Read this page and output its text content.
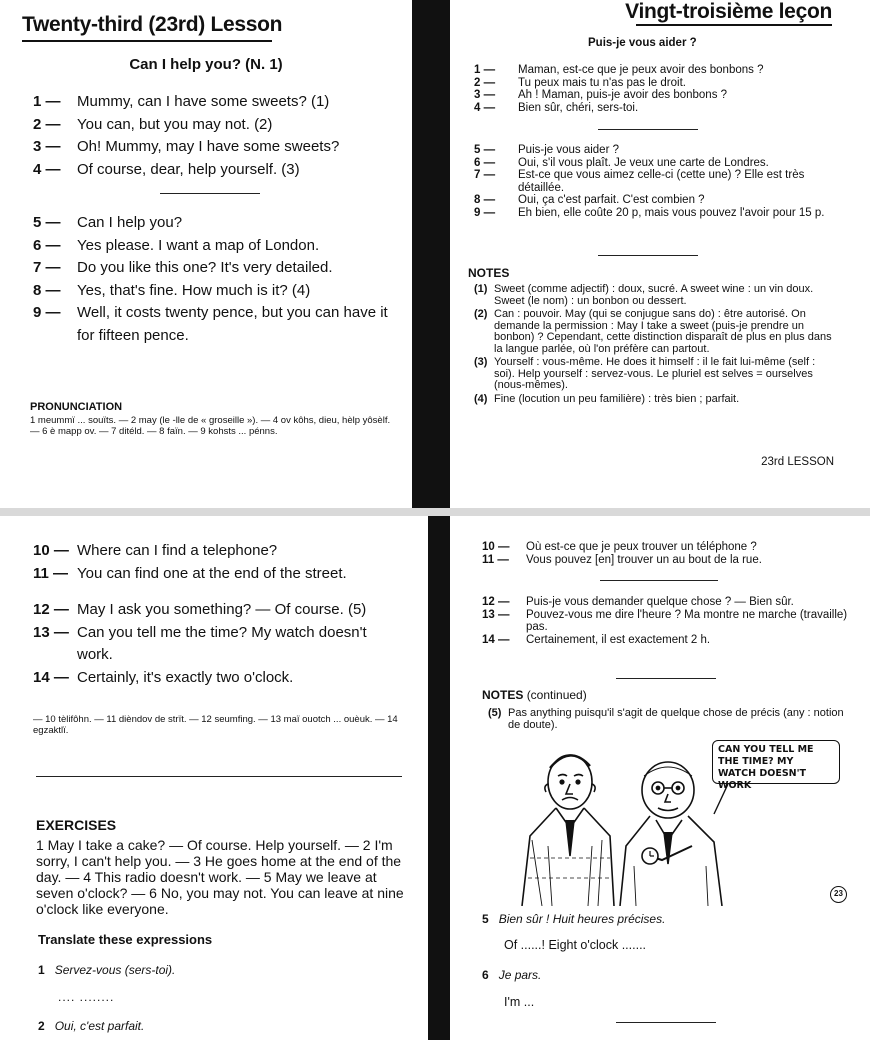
Twenty-third (23rd) Lesson
Can I help you? (N. 1)
1 — Mummy, can I have some sweets? (1)
2 — You can, but you may not. (2)
3 — Oh! Mummy, may I have some sweets?
4 — Of course, dear, help yourself. (3)
5 — Can I help you?
6 — Yes please. I want a map of London.
7 — Do you like this one? It's very detailed.
8 — Yes, that's fine. How much is it? (4)
9 — Well, it costs twenty pence, but you can have it for fifteen pence.
PRONUNCIATION
1 meummï ... souïts. — 2 may (le -lle de « groseille »). — 4 ov kôhs, dieu, hèlp yôsèlf. — 6 è mapp ov. — 7 ditéld. — 8 faïn. — 9 kohsts ... pénns.
Vingt-troisième leçon
Puis-je vous aider ?
1 — Maman, est-ce que je peux avoir des bonbons ?
2 — Tu peux mais tu n'as pas le droit.
3 — Ah ! Maman, puis-je avoir des bonbons ?
4 — Bien sûr, chéri, sers-toi.
5 — Puis-je vous aider ?
6 — Oui, s'il vous plaît. Je veux une carte de Londres.
7 — Est-ce que vous aimez celle-ci (cette une) ? Elle est très détaillée.
8 — Oui, ça c'est parfait. C'est combien ?
9 — Eh bien, elle coûte 20 p, mais vous pouvez l'avoir pour 15 p.
NOTES
(1) Sweet (comme adjectif) : doux, sucré. A sweet wine : un vin doux. Sweet (le nom) : un bonbon ou dessert.
(2) Can : pouvoir. May (qui se conjugue sans do) : être autorisé. On demande la permission : May I take a sweet (puis-je prendre un bonbon) ? Cependant, cette distinction disparaît de plus en plus dans la langue parlée, où l'on préfère can partout.
(3) Yourself : vous-même. He does it himself : il le fait lui-même (self : soi). Help yourself : servez-vous. Le pluriel est selves = ourselves (nous-mêmes).
(4) Fine (locution un peu familière) : très bien ; parfait.
23rd LESSON
10 — Where can I find a telephone?
11 — You can find one at the end of the street.
12 — May I ask you something? — Of course. (5)
13 — Can you tell me the time? My watch doesn't work.
14 — Certainly, it's exactly two o'clock.
— 10 tèlifôhn. — 11 dièndov de strït. — 12 seumfing. — 13 maï ouotch ... ouèuk. — 14 egzaktlï.
EXERCISES
1 May I take a cake? — Of course. Help yourself. — 2 I'm sorry, I can't help you. — 3 He goes home at the end of the day. — 4 This radio doesn't work. — 5 May we leave at seven o'clock? — 6 No, you may not. You can leave at nine o'clock like everyone.
Translate these expressions
1 Servez-vous (sers-toi).
.... ........
2 Oui, c'est parfait.
10 — Où est-ce que je peux trouver un téléphone ?
11 — Vous pouvez [en] trouver un au bout de la rue.
12 — Puis-je vous demander quelque chose ? — Bien sûr.
13 — Pouvez-vous me dire l'heure ? Ma montre ne marche (travaille) pas.
14 — Certainement, il est exactement 2 h.
NOTES (continued)
(5) Pas anything puisqu'il s'agit de quelque chose de précis (any : notion de doute).
CAN YOU TELL ME THE TIME? MY WATCH DOESN'T WORK
23
5 Bien sûr ! Huit heures précises.
Of ......! Eight o'clock .......
6 Je pars.
I'm ...
